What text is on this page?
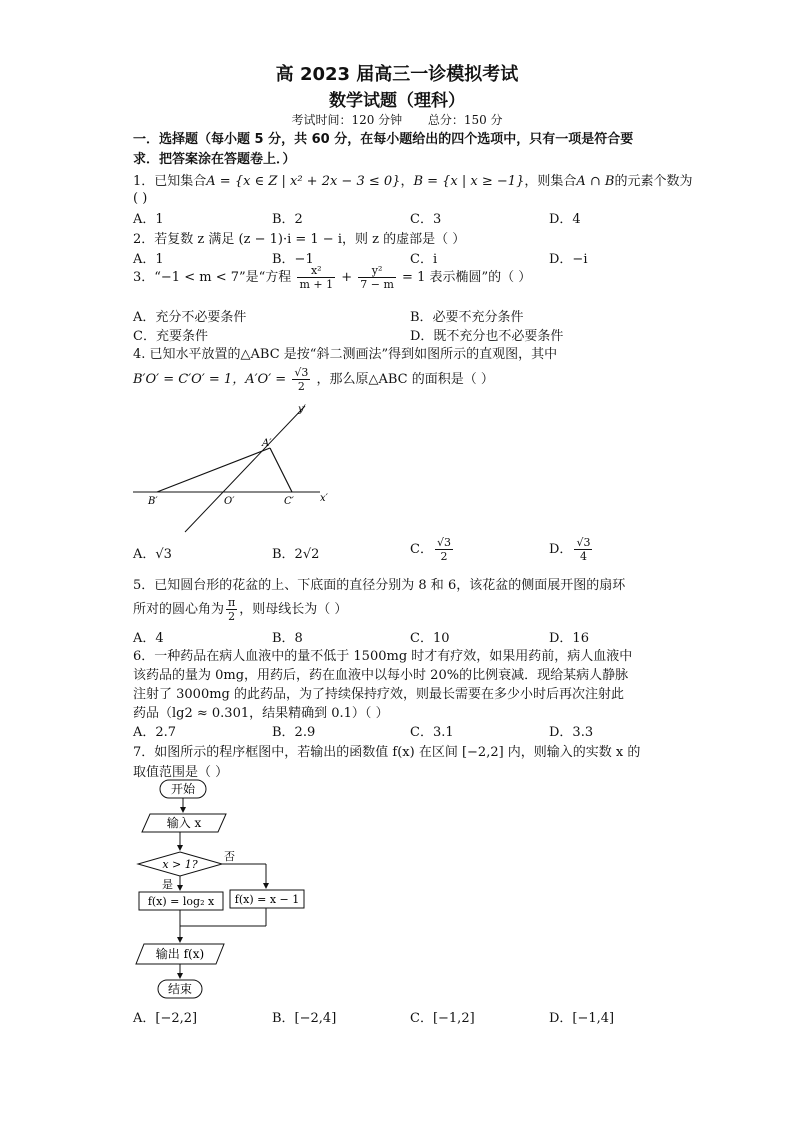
高 2023 届高三一诊模拟考试
数学试题（理科）
考试时间：120 分钟 总分：150 分
一．选择题（每小题 5 分，共 60 分，在每小题给出的四个选项中，只有一项是符合要
求．把答案涂在答题卷上．）
1．已知集合A = {x ∈ Z | x² + 2x − 3 ≤ 0}，B = {x | x ≥ −1}，则集合A ∩ B的元素个数为
( )
A．1	B．2	C．3	D．4
2．若复数 z 满足 (z − 1)·i = 1 − i，则 z 的虚部是（ ）
A．1	B．−1	C．i	D．−i
3．“−1 < m < 7”是“方程 $\frac{\text{x²}}{m + 1} + \frac{\text{y²}}{7 - m} = 1$ 表示椭圆”的（ ）
A．充分不必要条件	B．必要不充分条件
C．充要条件	D．既不充分也不必要条件
4. 已知水平放置的△ABC 是按“斜二测画法”得到如图所示的直观图，其中
B′O′ = C′O′ = 1，$A'O' = \frac{√3}{2}$ ，那么原△ABC 的面积是（ ）
y′
x′
A′
B′	O′	C′
A．√3	B．2√2	C． $\frac{√3}{2}$	D． $\frac{√3}{4}$
5．已知圆台形的花盆的上、下底面的直径分别为 8 和 6，该花盆的侧面展开图的扇环
所对的圆心角为 $\frac{\pi}{2}$ ，则母线长为（ ）
A．4	B．8	C．10	D．16
6．一种药品在病人血液中的量不低于 1500mg 时才有疗效，如果用药前，病人血液中
该药品的量为 0mg，用药后，药在血液中以每小时 20%的比例衰减．现给某病人静脉
注射了 3000mg 的此药品，为了持续保持疗效，则最长需要在多少小时后再次注射此
药品（lg2 ≈ 0.301，结果精确到 0.1）（ ）
A．2.7	B．2.9	C．3.1	D．3.3
7．如图所示的程序框图中，若输出的函数值 f(x) 在区间 [−2,2] 内，则输入的实数 x 的
取值范围是（ ）
开始
输入 x
x > 1?
否
是
f(x) = log₂ x f(x) = x − 1
输出 f(x)
结束
A．[−2,2]	B．[−2,4]	C．[−1,2]	D．[−1,4]
